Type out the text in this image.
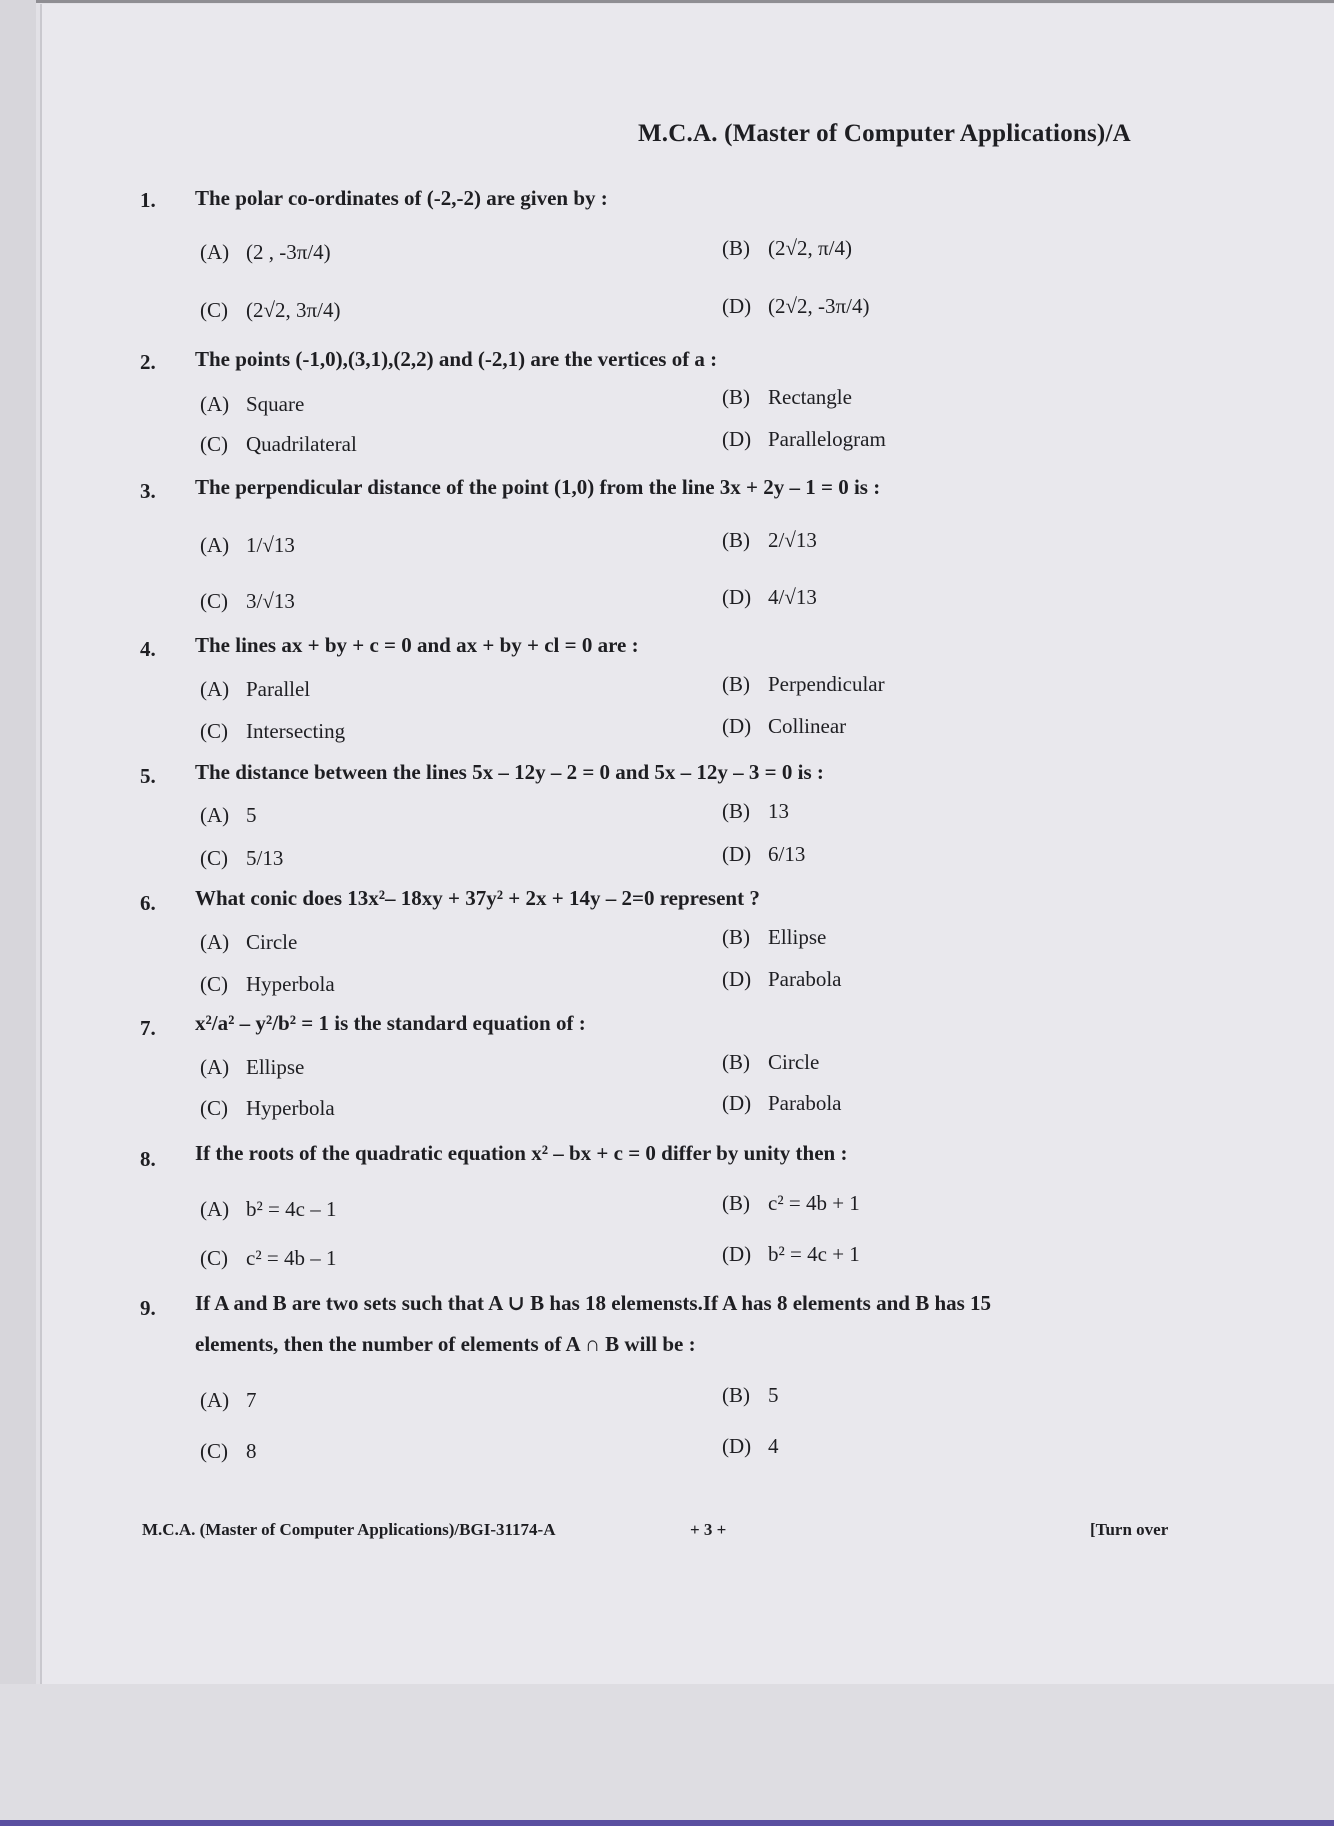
M.C.A. (Master of Computer Applications)/A
1. The polar co-ordinates of (-2,-2) are given by :
(A) (2 , -3π/4)	(B) (2√2, π/4)
(C) (2√2, 3π/4)	(D) (2√2, -3π/4)
2. The points (-1,0),(3,1),(2,2) and (-2,1) are the vertices of a :
(A) Square	(B) Rectangle
(C) Quadrilateral	(D) Parallelogram
3. The perpendicular distance of the point (1,0) from the line 3x + 2y – 1 = 0 is :
(A) 1/√13	(B) 2/√13
(C) 3/√13	(D) 4/√13
4. The lines ax + by + c = 0 and ax + by + cl = 0 are :
(A) Parallel	(B) Perpendicular
(C) Intersecting	(D) Collinear
5. The distance between the lines 5x – 12y – 2 = 0 and 5x – 12y – 3 = 0 is :
(A) 5	(B) 13
(C) 5/13	(D) 6/13
6. What conic does 13x²– 18xy + 37y² + 2x + 14y – 2=0 represent ?
(A) Circle	(B) Ellipse
(C) Hyperbola	(D) Parabola
7. x²/a² – y²/b² = 1 is the standard equation of :
(A) Ellipse	(B) Circle
(C) Hyperbola	(D) Parabola
8. If the roots of the quadratic equation x² – bx + c = 0 differ by unity then :
(A) b² = 4c – 1	(B) c² = 4b + 1
(C) c² = 4b – 1	(D) b² = 4c + 1
9. If A and B are two sets such that A ∪ B has 18 elemensts.If A has 8 elements and B has 15
elements, then the number of elements of A ∩ B will be :
(A) 7	(B) 5
(C) 8	(D) 4
M.C.A. (Master of Computer Applications)/BGI-31174-A	+ 3 +	[Turn over
